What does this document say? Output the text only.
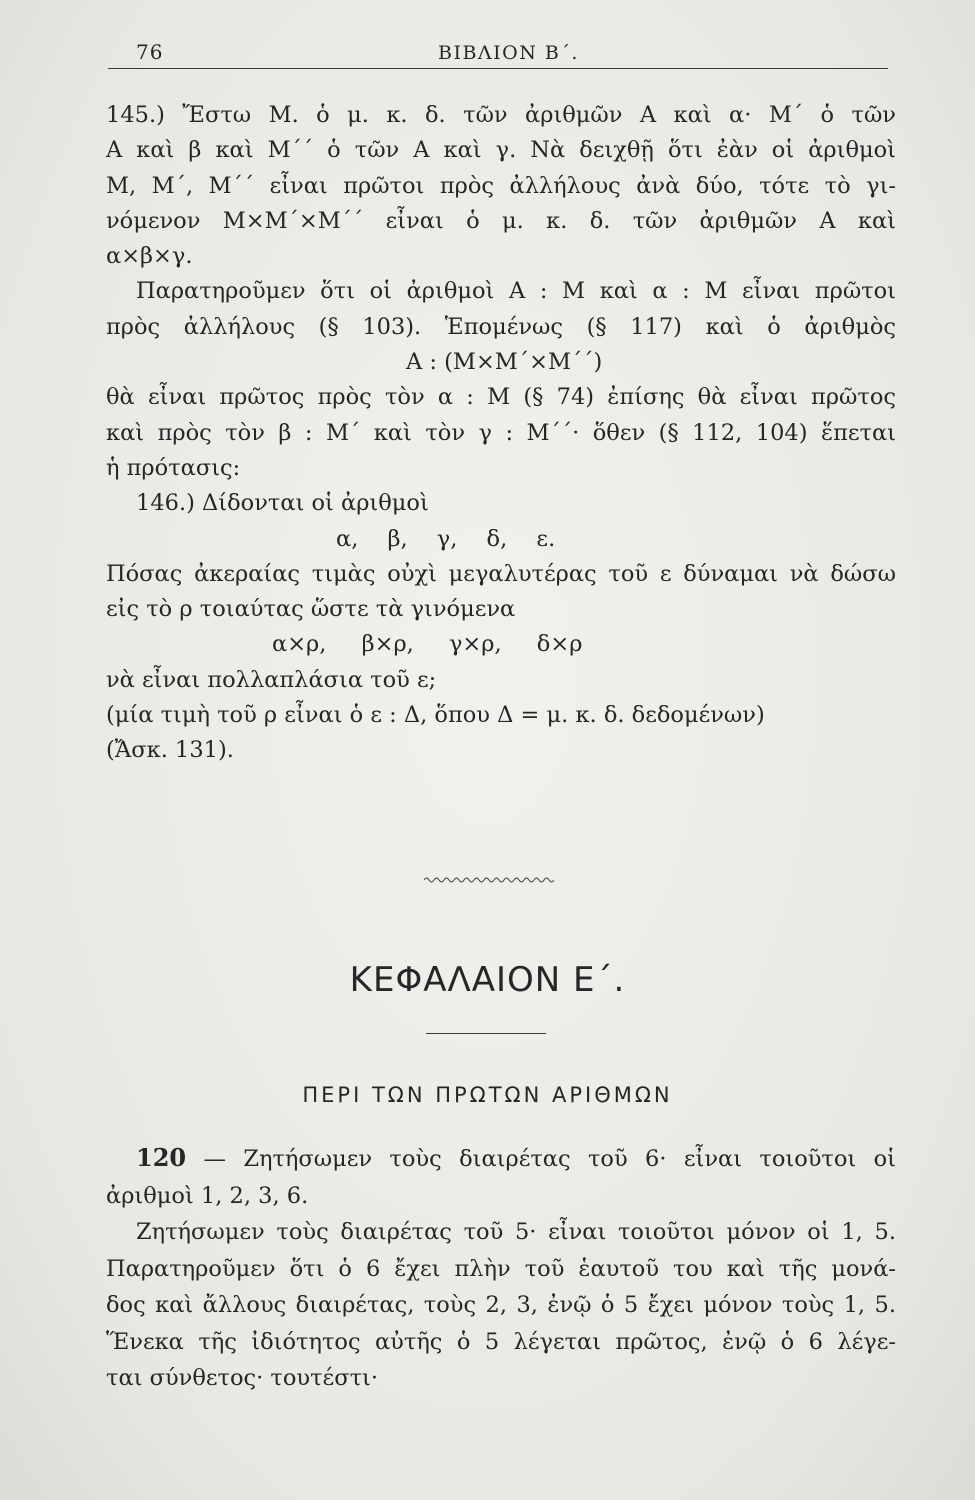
76	ΒΙΒΛΙΟΝ Β΄.

145.) Ἔστω Μ. ὁ μ. κ. δ. τῶν ἀριθμῶν Α καὶ α· Μ΄ ὁ τῶν
Α καὶ β καὶ Μ΄΄ ὁ τῶν Α καὶ γ. Νὰ δειχθῇ ὅτι ἐὰν οἱ ἀριθμοὶ
Μ, Μ΄, Μ΄΄ εἶναι πρῶτοι πρὸς ἀλλήλους ἀνὰ δύο, τότε τὸ γι-
νόμενον Μ×Μ΄×Μ΄΄ εἶναι ὁ μ. κ. δ. τῶν ἀριθμῶν Α καὶ
α×β×γ.

Παρατηροῦμεν ὅτι οἱ ἀριθμοὶ Α : Μ καὶ α : Μ εἶναι πρῶτοι
πρὸς ἀλλήλους (§ 103). Ἑπομένως (§ 117) καὶ ὁ ἀριθμὸς

Α : (Μ×Μ΄×Μ΄΄)

θὰ εἶναι πρῶτος πρὸς τὸν α : Μ (§ 74) ἐπίσης θὰ εἶναι πρῶτος
καὶ πρὸς τὸν β : Μ΄ καὶ τὸν γ : Μ΄΄· ὅθεν (§ 112, 104) ἕπεται
ἡ πρότασις:

146.) Δίδονται οἱ ἀριθμοὶ

α, β, γ, δ, ε.

Πόσας ἀκεραίας τιμὰς οὐχὶ μεγαλυτέρας τοῦ ε δύναμαι νὰ δώσω
εἰς τὸ ρ τοιαύτας ὥστε τὰ γινόμενα

α×ρ, β×ρ, γ×ρ, δ×ρ

νὰ εἶναι πολλαπλάσια τοῦ ε;
(μία τιμὴ τοῦ ρ εἶναι ὁ ε : Δ, ὅπου Δ = μ. κ. δ. δεδομένων)
(Ἄσκ. 131).

ΚΕΦΑΛΑΙΟΝ Ε΄.
ΠΕΡΙ ΤΩΝ ΠΡΩΤΩΝ ΑΡΙΘΜΩΝ

120 — Ζητήσωμεν τοὺς διαιρέτας τοῦ 6· εἶναι τοιοῦτοι οἱ
ἀριθμοὶ 1, 2, 3, 6.

Ζητήσωμεν τοὺς διαιρέτας τοῦ 5· εἶναι τοιοῦτοι μόνον οἱ 1, 5.

Παρατηροῦμεν ὅτι ὁ 6 ἔχει πλὴν τοῦ ἑαυτοῦ του καὶ τῆς μονά-
δος καὶ ἄλλους διαιρέτας, τοὺς 2, 3, ἐνῷ ὁ 5 ἔχει μόνον τοὺς 1, 5.
Ἕνεκα τῆς ἰδιότητος αὐτῆς ὁ 5 λέγεται πρῶτος, ἐνῷ ὁ 6 λέγε-
ται σύνθετος· τουτέστι·
